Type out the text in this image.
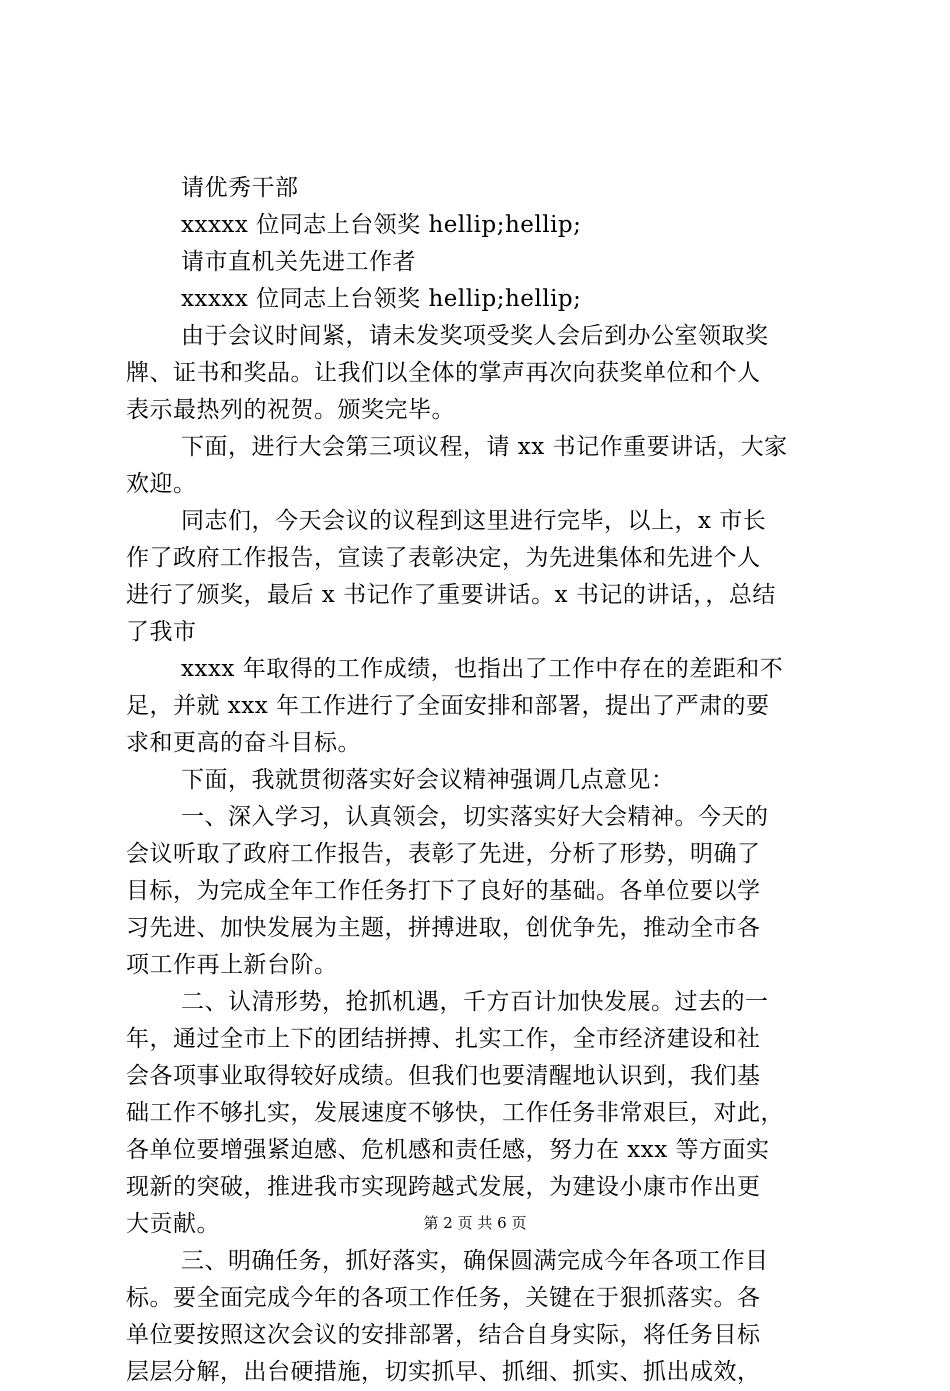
请优秀干部
xxxxx 位同志上台领奖 hellip;hellip;
请市直机关先进工作者
xxxxx 位同志上台领奖 hellip;hellip;
由于会议时间紧，请未发奖项受奖人会后到办公室领取奖
牌、证书和奖品。让我们以全体的掌声再次向获奖单位和个人
表示最热列的祝贺。颁奖完毕。
下面，进行大会第三项议程，请 xx 书记作重要讲话，大家
欢迎。
同志们，今天会议的议程到这里进行完毕，以上，x 市长
作了政府工作报告，宣读了表彰决定，为先进集体和先进个人
进行了颁奖，最后 x 书记作了重要讲话。x 书记的讲话，，总结
了我市
xxxx 年取得的工作成绩，也指出了工作中存在的差距和不
足，并就 xxx 年工作进行了全面安排和部署，提出了严肃的要
求和更高的奋斗目标。
下面，我就贯彻落实好会议精神强调几点意见：
一、深入学习，认真领会，切实落实好大会精神。今天的
会议听取了政府工作报告，表彰了先进，分析了形势，明确了
目标，为完成全年工作任务打下了良好的基础。各单位要以学
习先进、加快发展为主题，拼搏进取，创优争先，推动全市各
项工作再上新台阶。
二、认清形势，抢抓机遇，千方百计加快发展。过去的一
年，通过全市上下的团结拼搏、扎实工作，全市经济建设和社
会各项事业取得较好成绩。但我们也要清醒地认识到，我们基
础工作不够扎实，发展速度不够快，工作任务非常艰巨，对此，
各单位要增强紧迫感、危机感和责任感，努力在 xxx 等方面实
现新的突破，推进我市实现跨越式发展，为建设小康市作出更
大贡献。
三、明确任务，抓好落实，确保圆满完成今年各项工作目
标。要全面完成今年的各项工作任务，关键在于狠抓落实。各
单位要按照这次会议的安排部署，结合自身实际，将任务目标
层层分解，出台硬措施，切实抓早、抓细、抓实、抓出成效，
第 2 页 共 6 页
